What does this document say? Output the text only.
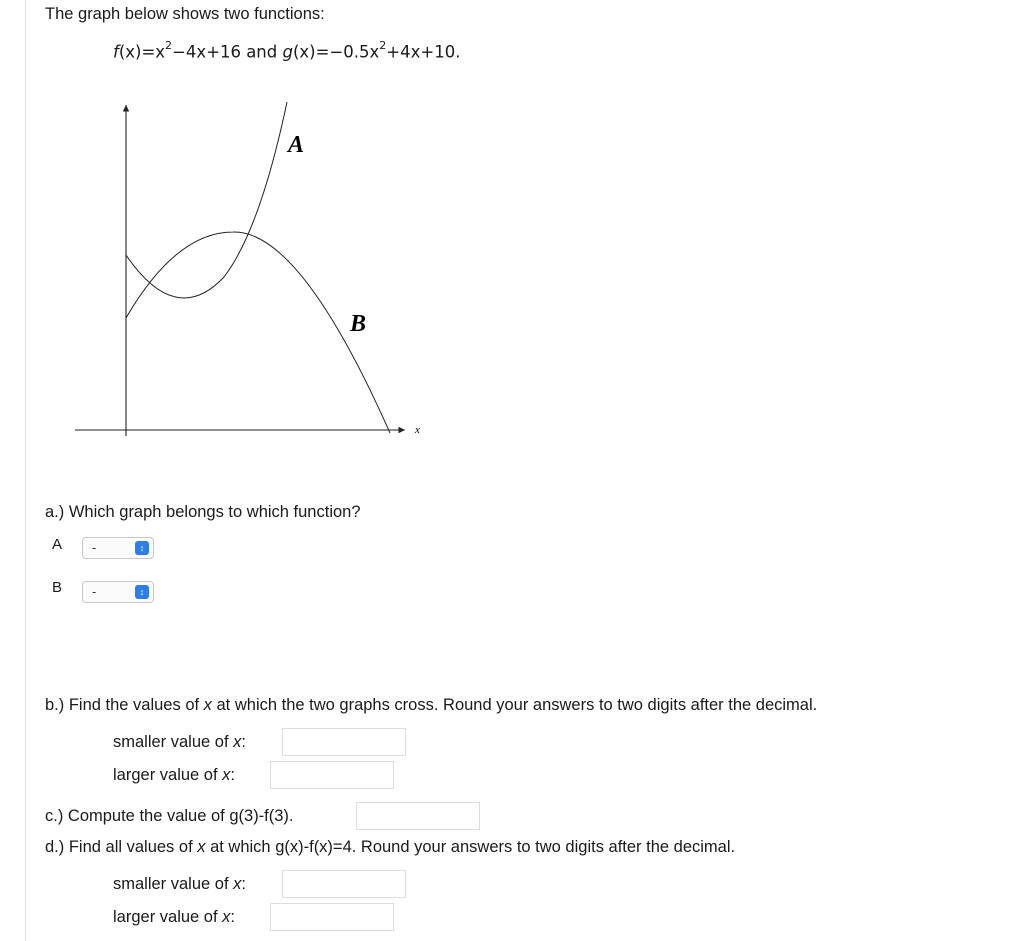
The graph below shows two functions:
$f(x)=x^2-4x+16$ and $g(x)=-0.5x^2+4x+10$.
A
B
x
a.) Which graph belongs to which function?
A -	↕
B -	↕
b.) Find the values of x at which the two graphs cross. Round your answers to two digits after the decimal.
smaller value of x:
larger value of x:
c.) Compute the value of g(3)-f(3).
d.) Find all values of x at which g(x)-f(x)=4. Round your answers to two digits after the decimal.
smaller value of x:
larger value of x:
